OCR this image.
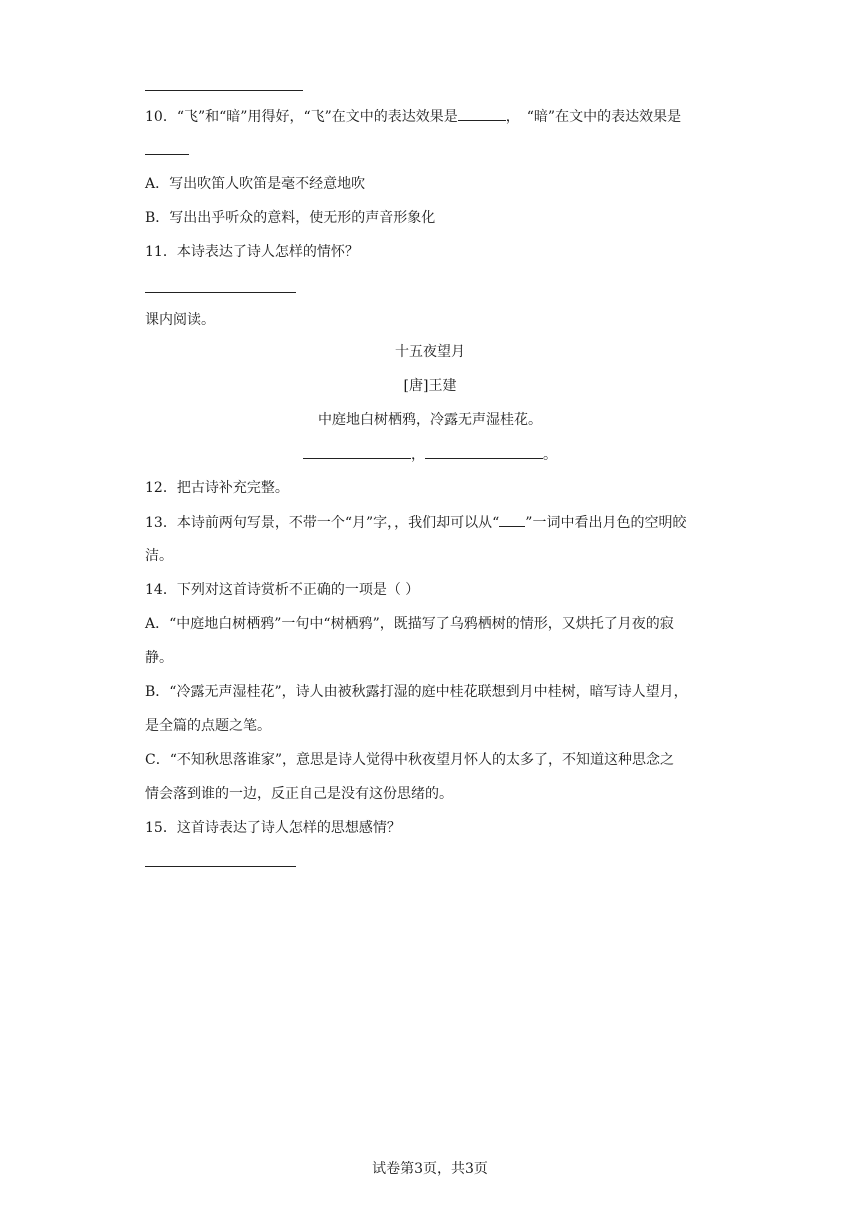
10．“飞”和“暗”用得好，“飞”在文中的表达效果是	，　“暗”在文中的表达效果是
A．写出吹笛人吹笛是毫不经意地吹
B．写出出乎听众的意料，使无形的声音形象化
11．本诗表达了诗人怎样的情怀？
课内阅读。
十五夜望月
[唐]王建
中庭地白树栖鸦，冷露无声湿桂花。
，	。
12．把古诗补充完整。
13．本诗前两句写景，不带一个“月”字，，我们却可以从“ ”一词中看出月色的空明皎
洁。
14．下列对这首诗赏析不正确的一项是（ ）
A．“中庭地白树栖鸦”一句中“树栖鸦”，既描写了乌鸦栖树的情形，又烘托了月夜的寂
静。
B．“冷露无声湿桂花”，诗人由被秋露打湿的庭中桂花联想到月中桂树，暗写诗人望月，
是全篇的点题之笔。
C．“不知秋思落谁家”，意思是诗人觉得中秋夜望月怀人的太多了，不知道这种思念之
情会落到谁的一边，反正自己是没有这份思绪的。
15．这首诗表达了诗人怎样的思想感情？
试卷第3页，共3页
